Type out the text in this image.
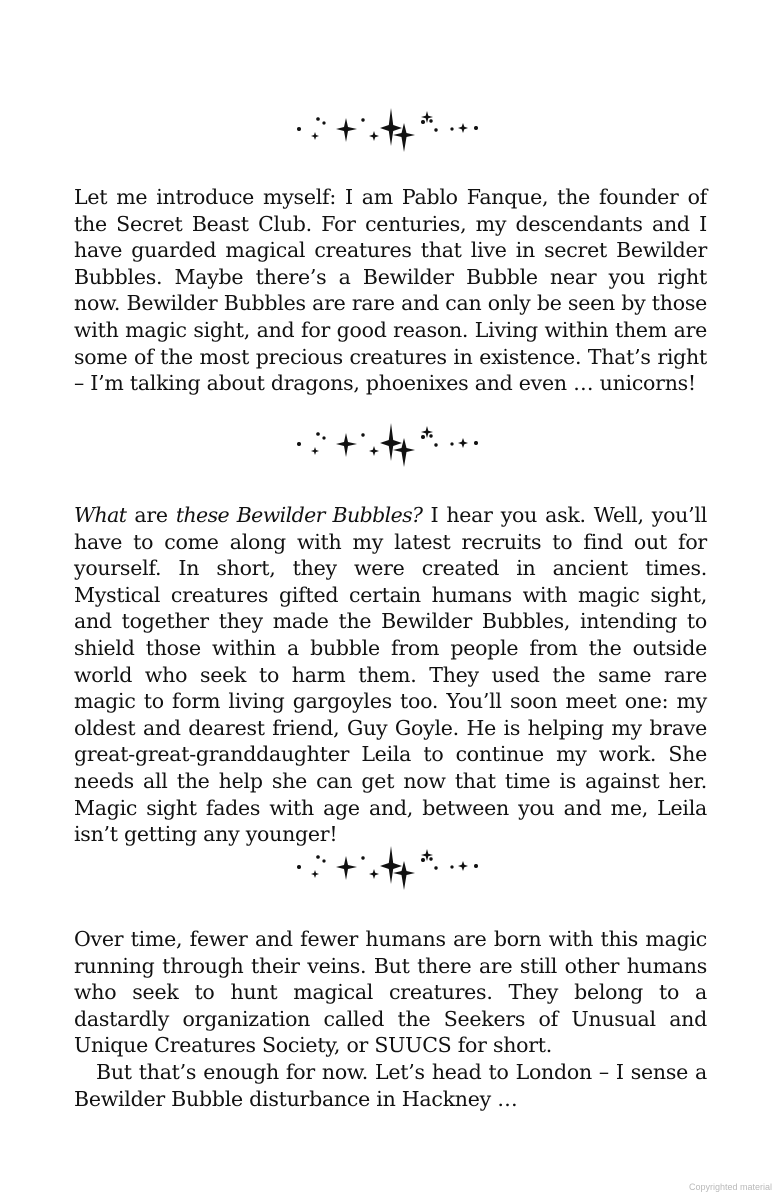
Let me introduce myself: I am Pablo Fanque, the founder of the Secret Beast Club. For centuries, my descendants and I have guarded magical creatures that live in secret Bewilder Bubbles. Maybe there’s a Bewilder Bubble near you right now. Bewilder Bubbles are rare and can only be seen by those with magic sight, and for good reason. Living within them are some of the most precious creatures in existence. That’s right – I’m talking about dragons, phoenixes and even … unicorns!

What are these Bewilder Bubbles? I hear you ask. Well, you’ll have to come along with my latest recruits to find out for yourself. In short, they were created in ancient times. Mystical creatures gifted certain humans with magic sight, and together they made the Bewilder Bubbles, intending to shield those within a bubble from people from the outside world who seek to harm them. They used the same rare magic to form living gargoyles too. You’ll soon meet one: my oldest and dearest friend, Guy Goyle. He is helping my brave great-great-granddaughter Leila to continue my work. She needs all the help she can get now that time is against her. Magic sight fades with age and, between you and me, Leila isn’t getting any younger!

Over time, fewer and fewer humans are born with this magic running through their veins. But there are still other humans who seek to hunt magical creatures. They belong to a dastardly organization called the Seekers of Unusual and Unique Creatures Society, or SUUCS for short.

But that’s enough for now. Let’s head to London – I sense a Bewilder Bubble disturbance in Hackney …

Copyrighted material
